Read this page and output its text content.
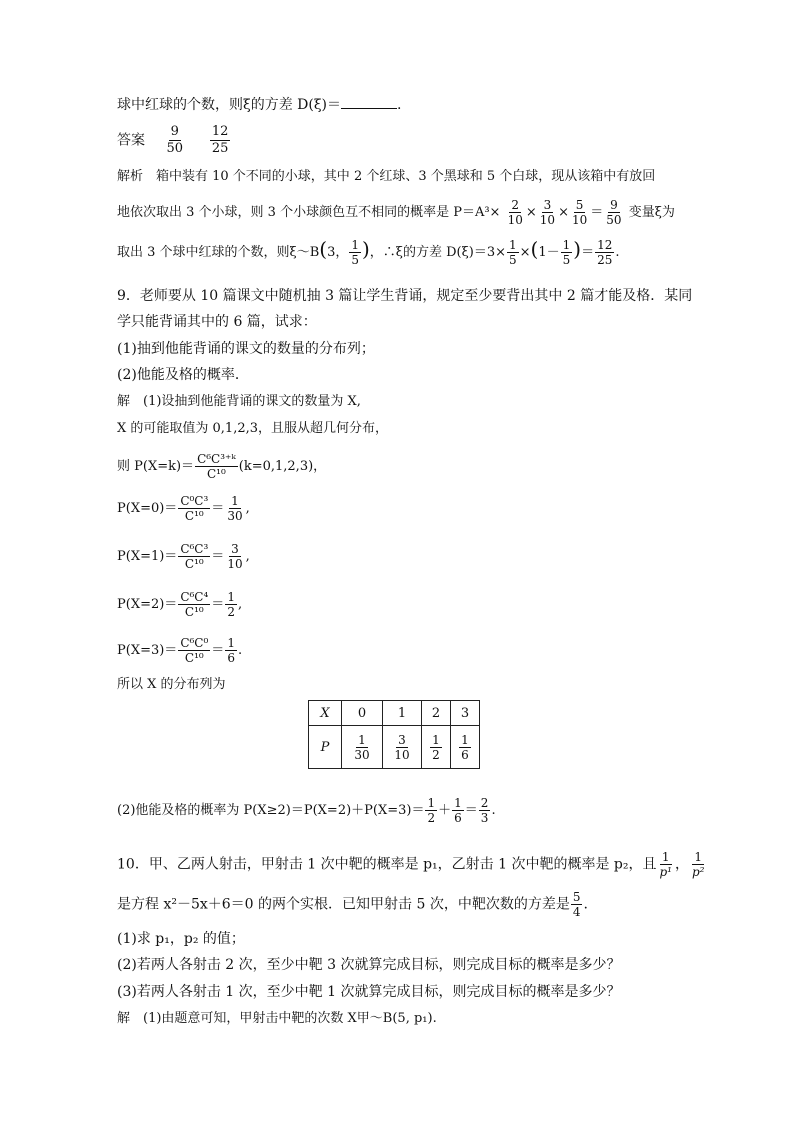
球中红球的个数，则ξ的方差 D(ξ)＝	.
答案 $\frac{9}{50}$
$\frac{12}{25}$
解析　箱中装有 10 个不同的小球，其中 2 个红球、3 个黑球和 5 个白球，现从该箱中有放回
地依次取出 3 个小球，则 3 个小球颜色互不相同的概率是 $P=A^3\times \frac{2}{10} \times \frac{3}{10} \times \frac{5}{10} = \frac{9}{50}$ 变量ξ为
取出 3 个球中红球的个数，则ξ～B(3， $\frac{1}{5}$ )，∴ξ的方差 $D(\xi)=3\times \frac{1}{5} \times(1- \frac{1}{5}$ )＝ $\frac{12}{25}$ .
9．老师要从 10 篇课文中随机抽 3 篇让学生背诵，规定至少要背出其中 2 篇才能及格．某同
学只能背诵其中的 6 篇，试求：
(1)抽到他能背诵的课文的数量的分布列；
(2)他能及格的概率．
解　(1)设抽到他能背诵的课文的数量为 X,
X 的可能取值为 0,1,2,3，且服从超几何分布，
则 $P(X=k)= \frac{\text{C⁶C³⁺ᵏ}}{\text{C¹⁰}} (k=0,1,2,3)$，
$P(X=0)= \frac{\text{C⁰C³}}{\text{C¹⁰}} = \frac{1}{30}$ ,
$P(X=1)= \frac{\text{C⁶C³}}{\text{C¹⁰}} = \frac{3}{10}$ ,
$P(X=2)= \frac{\text{C⁶C⁴}}{\text{C¹⁰}} = \frac{1}{2}$ ,
$P(X=3)= \frac{\text{C⁶C⁰}}{\text{C¹⁰}} = \frac{1}{6}$ .
所以 X 的分布列为
X	0	1	2	3
P	$\frac{1}{30}$	$\frac{3}{10}$	$\frac{1}{2}$	$\frac{1}{6}$
(2)他能及格的概率为 $P(X\ge 2)=P(X=2)+P(X=3)= \frac{1}{2} + \frac{1}{6} = \frac{2}{3}$ .
10．甲、乙两人射击，甲射击 1 次中靶的概率是 p₁，乙射击 1 次中靶的概率是 p₂，且 $\frac{1}{\text{p¹}}$ ， $\frac{1}{\text{p²}}$
是方程 x²－5x＋6＝0 的两个实根．已知甲射击 5 次，中靶次数的方差是 $\frac{5}{4}$ .
(1)求 p₁，p₂ 的值；
(2)若两人各射击 2 次，至少中靶 3 次就算完成目标，则完成目标的概率是多少？
(3)若两人各射击 1 次，至少中靶 1 次就算完成目标，则完成目标的概率是多少？
解　(1)由题意可知，甲射击中靶的次数 X甲～B(5, p₁).
